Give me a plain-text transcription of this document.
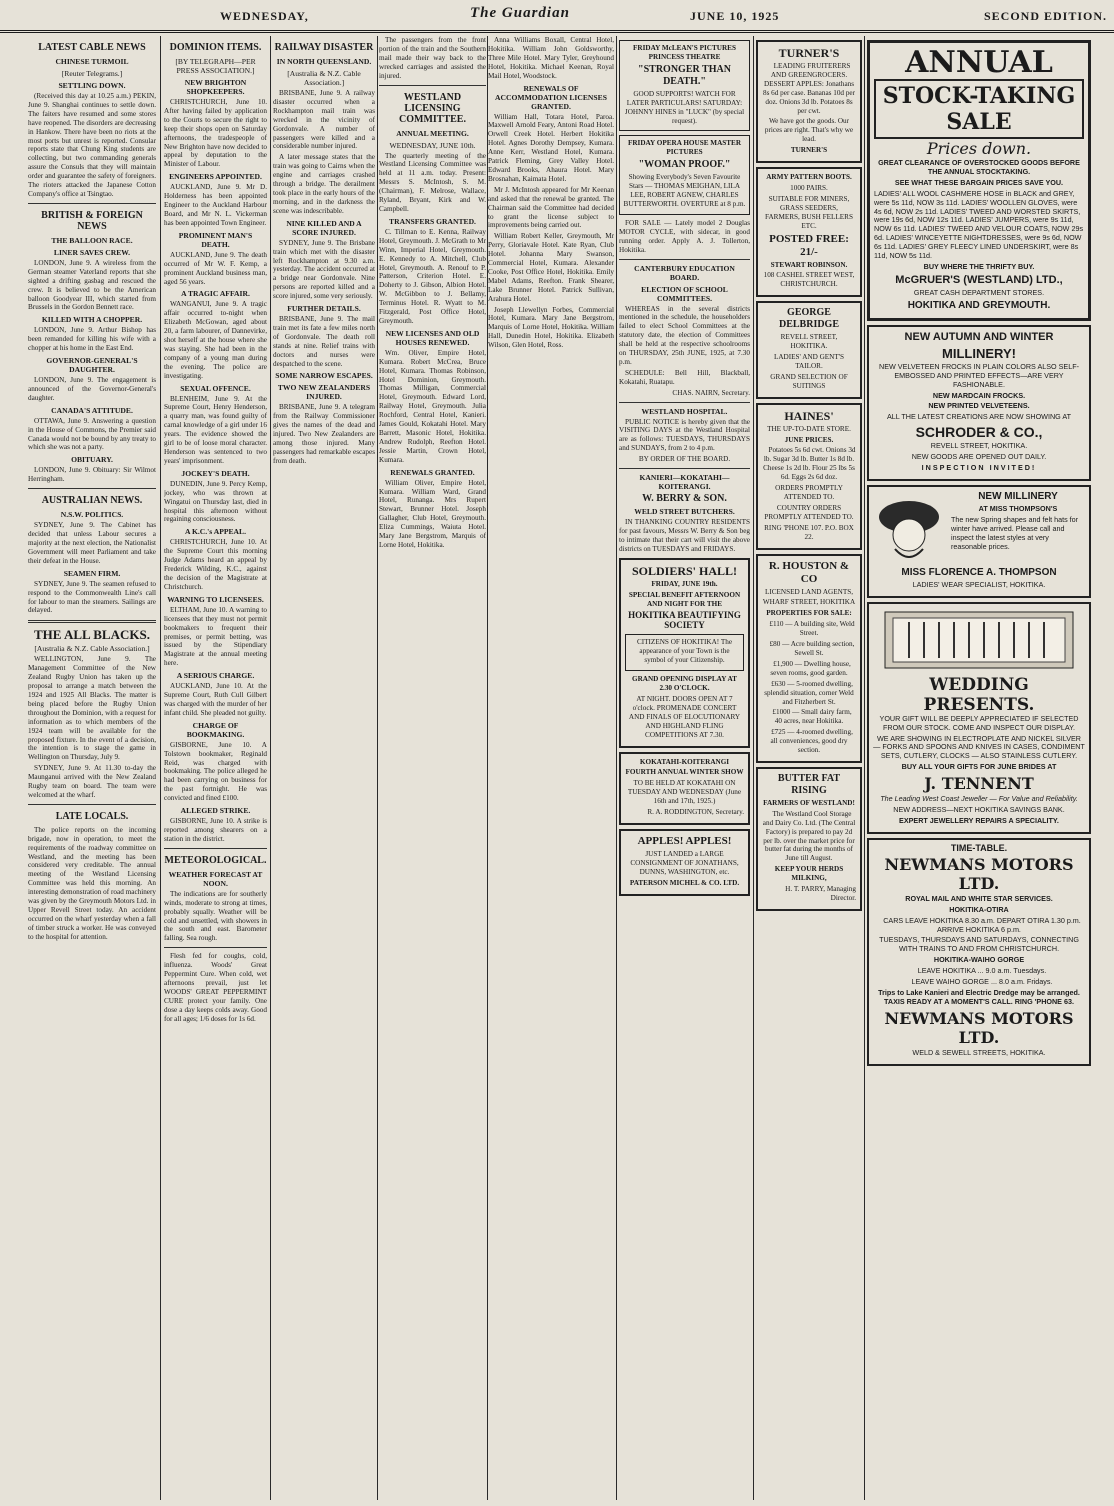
WEDNESDAY,	The Guardian	JUNE 10, 1925	SECOND EDITION.
LATEST CABLE NEWS
CHINESE TURMOIL
[Reuter Telegrams.]
SETTLING DOWN.

(Received this day at 10.25 a.m.) PEKIN, June 9. Shanghai continues to settle down. The faiters have resumed and some stores have reopened. The disorders are decreasing in Hankow. There have been no riots at the most ports but unrest is reported. Consular reports state that Chung King students are collecting, but two commanding generals assure the Consuls that they will maintain order and guarantee the safety of foreigners. The rioters attacked the Japanese Cotton Company's office at Tsingtao.

BRITISH & FOREIGN NEWS
THE BALLOON RACE.
LINER SAVES CREW.

LONDON, June 9. A wireless from the German steamer Vaterland reports that she sighted a drifting gasbag and rescued the crew. It is believed to be the American balloon Goodyear III, which started from Brussels in the Gordon Bennett race.

KILLED WITH A CHOPPER.

LONDON, June 9. Arthur Bishop has been remanded for killing his wife with a chopper at his home in the East End.

GOVERNOR-GENERAL'S DAUGHTER.

LONDON, June 9. The engagement is announced of the Governor-General's daughter.

CANADA'S ATTITUDE.

OTTAWA, June 9. Answering a question in the House of Commons, the Premier said Canada would not be bound by any treaty to which she was not a party.

OBITUARY.

LONDON, June 9. Obituary: Sir Wilmot Herringham.

AUSTRALIAN NEWS.
N.S.W. POLITICS.

SYDNEY, June 9. The Cabinet has decided that unless Labour secures a majority at the next election, the Nationalist Government will meet Parliament and take their defeat in the House.

SEAMEN FIRM.

SYDNEY, June 9. The seamen refused to respond to the Commonwealth Line's call for labour to man the steamers. Sailings are delayed.

THE ALL BLACKS.
[Australia & N.Z. Cable Association.]

WELLINGTON, June 9. The Management Committee of the New Zealand Rugby Union has taken up the proposal to arrange a match between the 1924 and 1925 All Blacks. The matter is being placed before the Rugby Union throughout the Dominion, with a request for information as to which members of the 1924 team will be available for the proposed fixture. In the event of a decision, the intention is to stage the game in Wellington on Thursday, July 9.

SYDNEY, June 9. At 11.30 to-day the Maunganui arrived with the New Zealand Rugby team on board. The team were welcomed at the wharf.

LATE LOCALS.

The police reports on the incoming brigade, now in operation, to meet the requirements of the roadway committee on Westland, and the meeting has been considered very creditable. The annual meeting of the Westland Licensing Committee was held this morning. An interesting demonstration of road machinery was given by the Greymouth Motors Ltd. in Upper Revell Street today. An accident occurred on the wharf yesterday when a fall of timber struck a worker. He was conveyed to the hospital for attention.

DOMINION ITEMS.
[BY TELEGRAPH—PER PRESS ASSOCIATION.]
NEW BRIGHTON SHOPKEEPERS.

CHRISTCHURCH, June 10. After having failed by application to the Courts to secure the right to keep their shops open on Saturday afternoons, the tradespeople of New Brighton have now decided to appeal by deputation to the Minister of Labour.

ENGINEERS APPOINTED.

AUCKLAND, June 9. Mr D. Holderness has been appointed Engineer to the Auckland Harbour Board, and Mr N. L. Vickerman has been appointed Town Engineer.

PROMINENT MAN'S DEATH.

AUCKLAND, June 9. The death occurred of Mr W. F. Kemp, a prominent Auckland business man, aged 56 years.

A TRAGIC AFFAIR.

WANGANUI, June 9. A tragic affair occurred to-night when Elizabeth McGowan, aged about 20, a farm labourer, of Dannevirke, shot herself at the house where she was staying. She had been in the company of a young man during the evening. The police are investigating.

SEXUAL OFFENCE.

BLENHEIM, June 9. At the Supreme Court, Henry Henderson, a quarry man, was found guilty of carnal knowledge of a girl under 16 years. The evidence showed the girl to be of loose moral character. Henderson was sentenced to two years' imprisonment.

JOCKEY'S DEATH.

DUNEDIN, June 9. Percy Kemp, jockey, who was thrown at Wingatui on Thursday last, died in hospital this afternoon without regaining consciousness.

A K.C.'s APPEAL.

CHRISTCHURCH, June 10. At the Supreme Court this morning Judge Adams heard an appeal by Frederick Wilding, K.C., against the decision of the Magistrate at Christchurch.

WARNING TO LICENSEES.

ELTHAM, June 10. A warning to licensees that they must not permit bookmakers to frequent their premises, or permit betting, was issued by the Stipendiary Magistrate at the annual meeting here.

A SERIOUS CHARGE.

AUCKLAND, June 10. At the Supreme Court, Ruth Cull Gilbert was charged with the murder of her infant child. She pleaded not guilty.

CHARGE OF BOOKMAKING.

GISBORNE, June 10. A Tolstown bookmaker, Reginald Reid, was charged with bookmaking. The police alleged he had been carrying on business for the past fortnight. He was convicted and fined £100.

ALLEGED STRIKE.

GISBORNE, June 10. A strike is reported among shearers on a station in the district.

METEOROLOGICAL.
WEATHER FORECAST AT NOON.

The indications are for southerly winds, moderate to strong at times, probably squally. Weather will be cold and unsettled, with showers in the south and east. Barometer falling. Sea rough.

Flesh fed for coughs, cold, influenza. Woods' Great Peppermint Cure. When cold, wet afternoons prevail, just let WOODS' GREAT PEPPERMINT CURE protect your family. One dose a day keeps colds away. Good for all ages; 1/6 doses for 1s 6d.

RAILWAY DISASTER
IN NORTH QUEENSLAND.
[Australia & N.Z. Cable Association.]

BRISBANE, June 9. A railway disaster occurred when a Rockhampton mail train was wrecked in the vicinity of Gordonvale. A number of passengers were killed and a considerable number injured.

A later message states that the train was going to Cairns when the engine and carriages crashed through a bridge. The derailment took place in the early hours of the morning, and in the darkness the scene was indescribable.

NINE KILLED AND A SCORE INJURED.

SYDNEY, June 9. The Brisbane train which met with the disaster left Rockhampton at 9.30 a.m. yesterday. The accident occurred at a bridge near Gordonvale. Nine persons are reported killed and a score injured, some very seriously.

FURTHER DETAILS.

BRISBANE, June 9. The mail train met its fate a few miles north of Gordonvale. The death roll stands at nine. Relief trains with doctors and nurses were despatched to the scene.

SOME NARROW ESCAPES.
TWO NEW ZEALANDERS INJURED.

BRISBANE, June 9. A telegram from the Railway Commissioner gives the names of the dead and injured. Two New Zealanders are among those injured. Many passengers had remarkable escapes from death.

The passengers from the front portion of the train and the Southern mail made their way back to the wrecked carriages and assisted the injured.

WESTLAND LICENSING COMMITTEE.
ANNUAL MEETING.
WEDNESDAY, JUNE 10th.

The quarterly meeting of the Westland Licensing Committee was held at 11 a.m. today. Present: Messrs S. McIntosh, S. M. (Chairman), F. Melrose, Wallace, Ryland, Bryant, Kirk and W. Campbell.

TRANSFERS GRANTED.

C. Tillman to E. Kenna, Railway Hotel, Greymouth. J. McGrath to Mr Winn, Imperial Hotel, Greymouth. E. Kennedy to A. Mitchell, Club Hotel, Greymouth. A. Renouf to P. Patterson, Criterion Hotel. E. Doherty to J. Gibson, Albion Hotel. W. McGibbon to J. Bellamy, Terminus Hotel. R. Wyatt to M. Fitzgerald, Post Office Hotel, Greymouth.

NEW LICENSES AND OLD HOUSES RENEWED.

Wm. Oliver, Empire Hotel, Kumara. Robert McCrea, Bruce Hotel, Kumara. Thomas Robinson, Hotel Dominion, Greymouth. Thomas Milligan, Commercial Hotel, Greymouth. Edward Lord, Railway Hotel, Greymouth. Julia Rochford, Central Hotel, Kanieri. James Gould, Kokatahi Hotel. Mary Barrett, Masonic Hotel, Hokitika. Andrew Rudolph, Reefton Hotel. Jessie Martin, Crown Hotel, Kumara.

RENEWALS GRANTED.

William Oliver, Empire Hotel, Kumara. William Ward, Grand Hotel, Runanga. Mrs Rupert Stewart, Brunner Hotel. Joseph Gallagher, Club Hotel, Greymouth. Eliza Cummings, Waiuta Hotel. Mary Jane Bergstrom, Marquis of Lorne Hotel, Hokitika.

Anna Williams Boxall, Central Hotel, Hokitika. William John Goldsworthy, Three Mile Hotel. Mary Tyler, Greyhound Hotel, Hokitika. Michael Keenan, Royal Mail Hotel, Woodstock.

RENEWALS OF ACCOMMODATION LICENSES GRANTED.

William Hall, Totara Hotel, Paroa. Maxwell Arnold Feary, Antoni Road Hotel. Orwell Creek Hotel. Herbert Hokitika Hotel. Agnes Dorothy Dempsey, Kumara. Anne Kerr, Westland Hotel, Kumara. Patrick Fleming, Grey Valley Hotel. Edward Brooks, Ahaura Hotel. Mary Brosnahan, Kaimata Hotel.

Mr J. McIntosh appeared for Mr Keenan and asked that the renewal be granted. The Chairman said the Committee had decided to grant the license subject to improvements being carried out.

William Robert Keller, Greymouth, Mr Perry, Gloriavale Hotel. Kate Ryan, Club Hotel. Johanna Mary Swanson, Commercial Hotel, Kumara. Alexander Cooke, Post Office Hotel, Hokitika. Emily Mabel Adams, Reefton. Frank Shearer, Lake Brunner Hotel. Patrick Sullivan, Arahura Hotel.

Joseph Llewellyn Forbes, Commercial Hotel, Kumara. Mary Jane Bergstrom, Marquis of Lorne Hotel, Hokitika. William Hall, Dunedin Hotel, Hokitika. Elizabeth Wilson, Glen Hotel, Ross.

FRIDAY McLEAN'S PICTURES PRINCESS THEATRE

"STRONGER THAN DEATH."

GOOD SUPPORTS! WATCH FOR LATER PARTICULARS! SATURDAY: JOHNNY HINES in "LUCK" (by special request).

FRIDAY OPERA HOUSE MASTER PICTURES

"WOMAN PROOF."

Showing Everybody's Seven Favourite Stars — THOMAS MEIGHAN, LILA LEE, ROBERT AGNEW, CHARLES BUTTERWORTH. OVERTURE at 8 p.m.

FOR SALE — Lately model 2 Douglas MOTOR CYCLE, with sidecar, in good running order. Apply A. J. Tollerton, Hokitika.

CANTERBURY EDUCATION BOARD.
ELECTION OF SCHOOL COMMITTEES.

WHEREAS in the several districts mentioned in the schedule, the householders failed to elect School Committees at the statutory date, the election of Committees shall be held at the respective schoolrooms on THURSDAY, 25th JUNE, 1925, at 7.30 p.m.

SCHEDULE: Bell Hill, Blackball, Kokatahi, Ruatapu.

CHAS. NAIRN, Secretary.

WESTLAND HOSPITAL.

PUBLIC NOTICE is hereby given that the VISITING DAYS at the Westland Hospital are as follows: TUESDAYS, THURSDAYS and SUNDAYS, from 2 to 4 p.m.

BY ORDER OF THE BOARD.

KANIERI—KOKATAHI—KOITERANGI.
W. BERRY & SON.
WELD STREET BUTCHERS.

IN THANKING COUNTRY RESIDENTS for past favours, Messrs W. Berry & Son beg to intimate that their cart will visit the above districts on TUESDAYS and FRIDAYS.

SOLDIERS' HALL!

FRIDAY, JUNE 19th.

SPECIAL BENEFIT AFTERNOON AND NIGHT FOR THE

HOKITIKA BEAUTIFYING SOCIETY

CITIZENS OF HOKITIKA! The appearance of your Town is the symbol of your Citizenship.

GRAND OPENING DISPLAY AT 2.30 O'CLOCK.

AT NIGHT. DOORS OPEN AT 7 o'clock. PROMENADE CONCERT AND FINALS OF ELOCUTIONARY AND HIGHLAND FLING COMPETITIONS AT 7.30.

KOKATAHI-KOITERANGI

FOURTH ANNUAL WINTER SHOW

TO BE HELD AT KOKATAHI ON TUESDAY AND WEDNESDAY (June 16th and 17th, 1925.)

R. A. RODDINGTON, Secretary.

APPLES! APPLES!

JUST LANDED a LARGE CONSIGNMENT OF JONATHANS, DUNNS, WASHINGTON, etc.

PATERSON MICHEL & CO. LTD.

TURNER'S

LEADING FRUITERERS AND GREENGROCERS. DESSERT APPLES: Jonathans 8s 6d per case. Bananas 10d per doz. Onions 3d lb. Potatoes 8s per cwt.

We have got the goods. Our prices are right. That's why we lead.

TURNER'S

ARMY PATTERN BOOTS.

1000 PAIRS.

SUITABLE FOR MINERS, GRASS SEEDERS, FARMERS, BUSH FELLERS ETC.

POSTED FREE: 21/-

STEWART ROBINSON.

108 CASHEL STREET WEST, CHRISTCHURCH.

GEORGE DELBRIDGE

REVELL STREET, HOKITIKA.

LADIES' AND GENT'S TAILOR.

GRAND SELECTION OF SUITINGS

HAINES'

THE UP-TO-DATE STORE.

JUNE PRICES.

Potatoes 5s 6d cwt. Onions 3d lb. Sugar 3d lb. Butter 1s 8d lb. Cheese 1s 2d lb. Flour 25 lbs 5s 6d. Eggs 2s 6d doz.

ORDERS PROMPTLY ATTENDED TO.

COUNTRY ORDERS PROMPTLY ATTENDED TO.

RING 'PHONE 107. P.O. BOX 22.

R. HOUSTON & CO

LICENSED LAND AGENTS,

WHARF STREET, HOKITIKA

PROPERTIES FOR SALE:

£110 — A building site, Weld Street.

£80 — Acre building section, Sewell St.

£1,900 — Dwelling house, seven rooms, good garden.

£630 — 5-roomed dwelling, splendid situation, corner Weld and Fitzherbert St.

£1000 — Small dairy farm, 40 acres, near Hokitika.

£725 — 4-roomed dwelling, all conveniences, good dry section.

BUTTER FAT RISING

FARMERS OF WESTLAND!

The Westland Cool Storage and Dairy Co. Ltd. (The Central Factory) is prepared to pay 2d per lb. over the market price for butter fat during the months of June till August.

KEEP YOUR HERDS MILKING,

H. T. PARRY, Managing Director.

ANNUAL
STOCK-TAKING SALE
Prices down.

GREAT CLEARANCE OF OVERSTOCKED GOODS BEFORE THE ANNUAL STOCKTAKING.

SEE WHAT THESE BARGAIN PRICES SAVE YOU.

LADIES' ALL WOOL CASHMERE HOSE in BLACK and GREY, were 5s 11d, NOW 3s 11d. LADIES' WOOLLEN GLOVES, were 4s 6d, NOW 2s 11d. LADIES' TWEED AND WORSTED SKIRTS, were 19s 6d, NOW 12s 11d. LADIES' JUMPERS, were 9s 11d, NOW 6s 11d. LADIES' TWEED AND VELOUR COATS, NOW 29s 6d. LADIES' WINCEYETTE NIGHTDRESSES, were 9s 6d, NOW 6s 11d. LADIES' GREY FLEECY LINED UNDERSKIRT, were 8s 11d, NOW 5s 11d.

BUY WHERE THE THRIFTY BUY.

McGRUER'S (WESTLAND) LTD.,

GREAT CASH DEPARTMENT STORES.

HOKITIKA AND GREYMOUTH.

NEW AUTUMN AND WINTER

MILLINERY!

NEW VELVETEEN FROCKS IN PLAIN COLORS ALSO SELF-EMBOSSED AND PRINTED EFFECTS—ARE VERY FASHIONABLE.

NEW MARDCAIN FROCKS.

NEW PRINTED VELVETEENS.

ALL THE LATEST CREATIONS ARE NOW SHOWING AT

SCHRODER & CO.,

REVELL STREET, HOKITIKA.

NEW GOODS ARE OPENED OUT DAILY.

INSPECTION INVITED!

NEW MILLINERY

AT MISS THOMPSON'S

The new Spring shapes and felt hats for winter have arrived. Please call and inspect the latest styles at very reasonable prices.

MISS FLORENCE A. THOMPSON

LADIES' WEAR SPECIALIST, HOKITIKA.

WEDDING PRESENTS.

YOUR GIFT WILL BE DEEPLY APPRECIATED IF SELECTED FROM OUR STOCK. COME AND INSPECT OUR DISPLAY.

WE ARE SHOWING IN ELECTROPLATE AND NICKEL SILVER — FORKS AND SPOONS AND KNIVES IN CASES, CONDIMENT SETS, CUTLERY, CLOCKS — ALSO STAINLESS CUTLERY.

BUY ALL YOUR GIFTS FOR JUNE BRIDES AT

J. TENNENT

The Leading West Coast Jeweller — For Value and Reliability.

NEW ADDRESS—NEXT HOKITIKA SAVINGS BANK.

EXPERT JEWELLERY REPAIRS A SPECIALITY.

TIME-TABLE.

NEWMANS MOTORS LTD.

ROYAL MAIL AND WHITE STAR SERVICES.

HOKITIKA-OTIRA

CARS LEAVE HOKITIKA 8.30 a.m. DEPART OTIRA 1.30 p.m. ARRIVE HOKITIKA 6 p.m.

TUESDAYS, THURSDAYS AND SATURDAYS, CONNECTING WITH TRAINS TO AND FROM CHRISTCHURCH.

HOKITIKA-WAIHO GORGE

LEAVE HOKITIKA ... 9.0 a.m. Tuesdays.

LEAVE WAIHO GORGE ... 8.0 a.m. Fridays.

Trips to Lake Kanieri and Electric Dredge may be arranged. TAXIS READY AT A MOMENT'S CALL. RING 'PHONE 63.

NEWMANS MOTORS LTD.

WELD & SEWELL STREETS, HOKITIKA.
